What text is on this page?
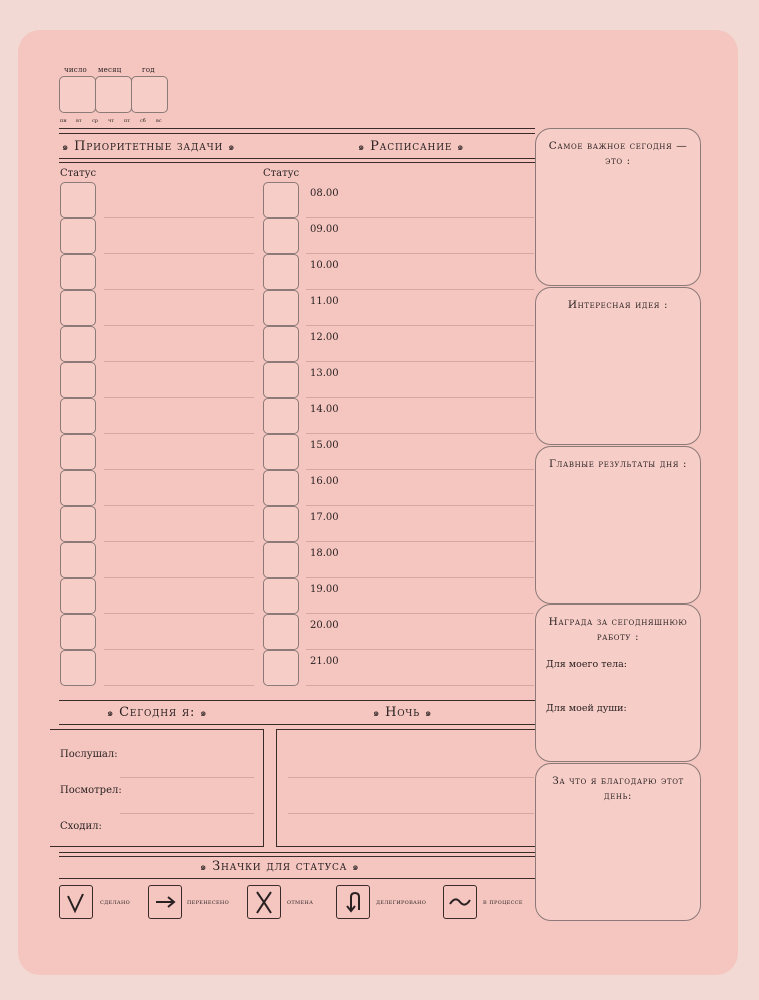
число месяц	год
пн вт ср чт пт сб вс
๑ Приоритетные задачи ๑	๑ Расписание ๑
Статус	Статус
08.00
09.00
10.00
11.00
12.00
13.00
14.00
15.00
16.00
17.00
18.00
19.00
20.00
21.00
Самое важное сегодня — это :
Интересная идея :
Главные результаты дня :
Награда за сегодняшнюю работу :
Для моего тела:
Для моей души:
За что я благодарю этот день:
๑ Сегодня я: ๑	๑ Ночь ๑
Послушал:
Посмотрел:
Сходил:
๑ Значки для статуса ๑
сделано	перенесено	отмена	делегировано	в процессе
